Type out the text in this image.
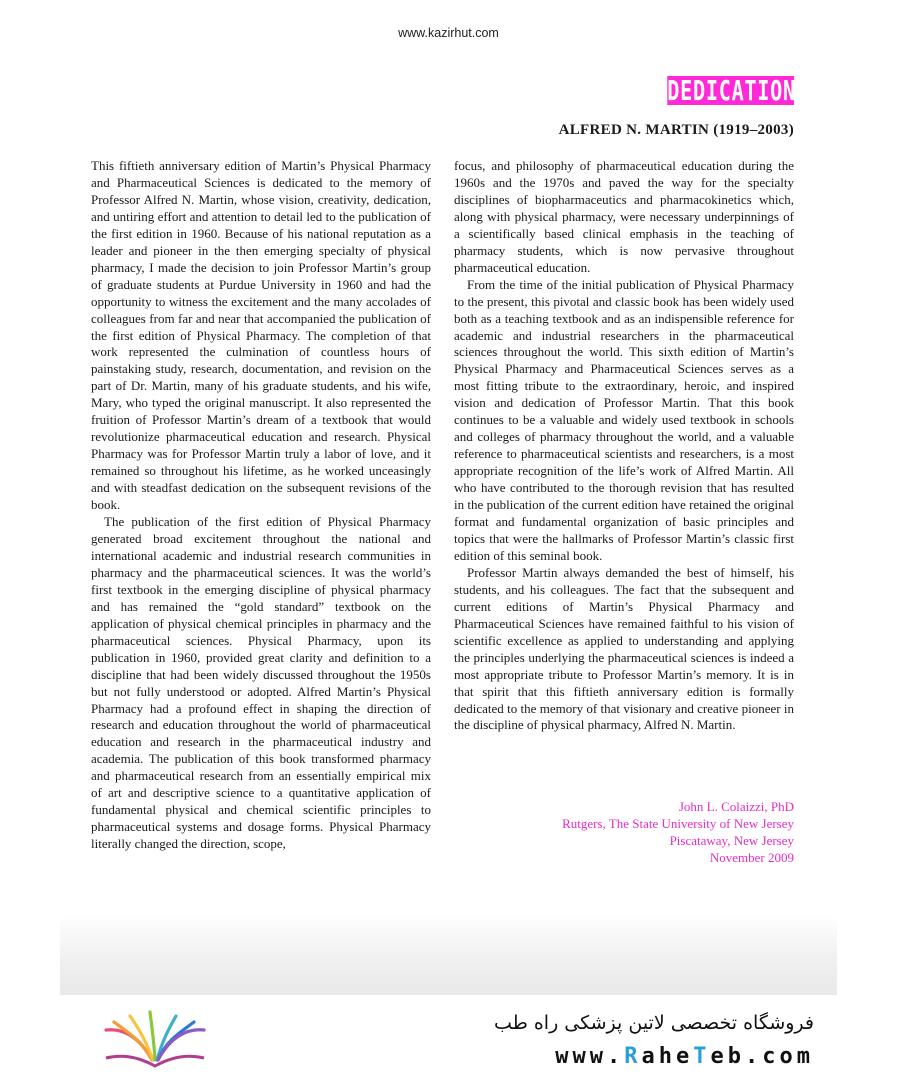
www.kazirhut.com
DEDICATION
ALFRED N. MARTIN (1919–2003)

This fiftieth anniversary edition of Martin’s Physical Pharmacy and Pharmaceutical Sciences is dedicated to the memory of Professor Alfred N. Martin, whose vision, creativity, dedication, and untiring effort and attention to detail led to the publication of the first edition in 1960. Because of his national reputation as a leader and pioneer in the then emerging specialty of physical pharmacy, I made the decision to join Professor Martin’s group of graduate students at Purdue University in 1960 and had the opportunity to witness the excitement and the many accolades of colleagues from far and near that accompanied the publication of the first edition of Physical Pharmacy. The completion of that work represented the culmination of countless hours of painstaking study, research, documentation, and revision on the part of Dr. Martin, many of his graduate students, and his wife, Mary, who typed the original manuscript. It also represented the fruition of Professor Martin’s dream of a textbook that would revolutionize pharmaceutical education and research. Physical Pharmacy was for Professor Martin truly a labor of love, and it remained so throughout his lifetime, as he worked unceasingly and with steadfast dedication on the subsequent revisions of the book.

The publication of the first edition of Physical Pharmacy generated broad excitement throughout the national and international academic and industrial research communities in pharmacy and the pharmaceutical sciences. It was the world’s first textbook in the emerging discipline of physical pharmacy and has remained the “gold standard” textbook on the application of physical chemical principles in pharmacy and the pharmaceutical sciences. Physical Pharmacy, upon its publication in 1960, provided great clarity and definition to a discipline that had been widely discussed throughout the 1950s but not fully understood or adopted. Alfred Martin’s Physical Pharmacy had a profound effect in shaping the direction of research and education throughout the world of pharmaceutical education and research in the pharmaceutical industry and academia. The publication of this book transformed pharmacy and pharmaceutical research from an essentially empirical mix of art and descriptive science to a quantitative application of fundamental physical and chemical scientific principles to pharmaceutical systems and dosage forms. Physical Pharmacy literally changed the direction, scope,

focus, and philosophy of pharmaceutical education during the 1960s and the 1970s and paved the way for the specialty disciplines of biopharmaceutics and pharmacokinetics which, along with physical pharmacy, were necessary underpinnings of a scientifically based clinical emphasis in the teaching of pharmacy students, which is now pervasive throughout pharmaceutical education.

From the time of the initial publication of Physical Pharmacy to the present, this pivotal and classic book has been widely used both as a teaching textbook and as an indispensible reference for academic and industrial researchers in the pharmaceutical sciences throughout the world. This sixth edition of Martin’s Physical Pharmacy and Pharmaceutical Sciences serves as a most fitting tribute to the extraordinary, heroic, and inspired vision and dedication of Professor Martin. That this book continues to be a valuable and widely used textbook in schools and colleges of pharmacy throughout the world, and a valuable reference to pharmaceutical scientists and researchers, is a most appropriate recognition of the life’s work of Alfred Martin. All who have contributed to the thorough revision that has resulted in the publication of the current edition have retained the original format and fundamental organization of basic principles and topics that were the hallmarks of Professor Martin’s classic first edition of this seminal book.

Professor Martin always demanded the best of himself, his students, and his colleagues. The fact that the subsequent and current editions of Martin’s Physical Pharmacy and Pharmaceutical Sciences have remained faithful to his vision of scientific excellence as applied to understanding and applying the principles underlying the pharmaceutical sciences is indeed a most appropriate tribute to Professor Martin’s memory. It is in that spirit that this fiftieth anniversary edition is formally dedicated to the memory of that visionary and creative pioneer in the discipline of physical pharmacy, Alfred N. Martin.

John L. Colaizzi, PhD
Rutgers, The State University of New Jersey
Piscataway, New Jersey
November 2009
فروشگاه تخصصی لاتین پزشکی راه طب
www.RaheTeb.com
